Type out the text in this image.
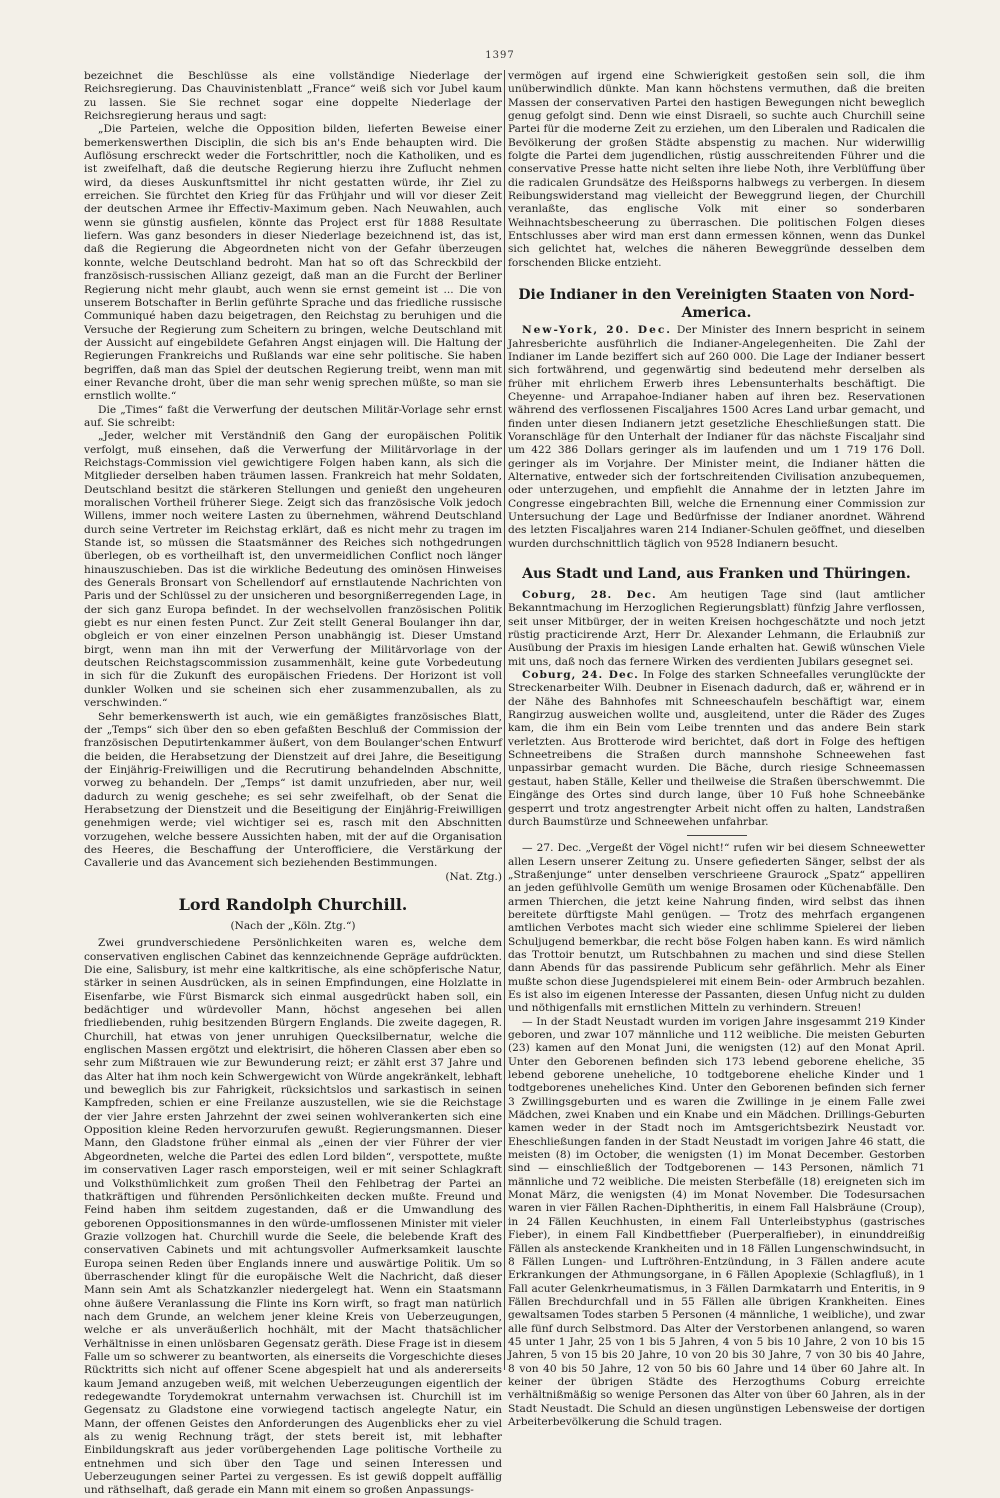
1397

bezeichnet die Beschlüsse als eine vollständige Niederlage der Reichsregierung. Das Chauvinistenblatt „France“ weiß sich vor Jubel kaum zu lassen. Sie Sie rechnet sogar eine doppelte Niederlage der Reichsregierung heraus und sagt:

„Die Parteien, welche die Opposition bilden, lieferten Beweise einer bemerkenswerthen Disciplin, die sich bis an's Ende behaupten wird. Die Auflösung erschreckt weder die Fortschrittler, noch die Katholiken, und es ist zweifelhaft, daß die deutsche Regierung hierzu ihre Zuflucht nehmen wird, da dieses Auskunftsmittel ihr nicht gestatten würde, ihr Ziel zu erreichen. Sie fürchtet den Krieg für das Frühjahr und will vor dieser Zeit der deutschen Armee ihr Effectiv-Maximum geben. Nach Neuwahlen, auch wenn sie günstig ausfielen, könnte das Project erst für 1888 Resultate liefern. Was ganz besonders in dieser Niederlage bezeichnend ist, das ist, daß die Regierung die Abgeordneten nicht von der Gefahr überzeugen konnte, welche Deutschland bedroht. Man hat so oft das Schreckbild der französisch-russischen Allianz gezeigt, daß man an die Furcht der Berliner Regierung nicht mehr glaubt, auch wenn sie ernst gemeint ist ... Die von unserem Botschafter in Berlin geführte Sprache und das friedliche russische Communiqué haben dazu beigetragen, den Reichstag zu beruhigen und die Versuche der Regierung zum Scheitern zu bringen, welche Deutschland mit der Aussicht auf eingebildete Gefahren Angst einjagen will. Die Haltung der Regierungen Frankreichs und Rußlands war eine sehr politische. Sie haben begriffen, daß man das Spiel der deutschen Regierung treibt, wenn man mit einer Revanche droht, über die man sehr wenig sprechen müßte, so man sie ernstlich wollte.“

Die „Times“ faßt die Verwerfung der deutschen Militär-Vorlage sehr ernst auf. Sie schreibt:

„Jeder, welcher mit Verständniß den Gang der europäischen Politik verfolgt, muß einsehen, daß die Verwerfung der Militärvorlage in der Reichstags-Commission viel gewichtigere Folgen haben kann, als sich die Mitglieder derselben haben träumen lassen. Frankreich hat mehr Soldaten, Deutschland besitzt die stärkeren Stellungen und genießt den ungeheuren moralischen Vortheil früherer Siege. Zeigt sich das französische Volk jedoch Willens, immer noch weitere Lasten zu übernehmen, während Deutschland durch seine Vertreter im Reichstag erklärt, daß es nicht mehr zu tragen im Stande ist, so müssen die Staatsmänner des Reiches sich nothgedrungen überlegen, ob es vortheilhaft ist, den unvermeidlichen Conflict noch länger hinauszuschieben. Das ist die wirkliche Bedeutung des ominösen Hinweises des Generals Bronsart von Schellendorf auf ernstlautende Nachrichten von Paris und der Schlüssel zu der unsicheren und besorgnißerregenden Lage, in der sich ganz Europa befindet. In der wechselvollen französischen Politik giebt es nur einen festen Punct. Zur Zeit stellt General Boulanger ihn dar, obgleich er von einer einzelnen Person unabhängig ist. Dieser Umstand birgt, wenn man ihn mit der Verwerfung der Militärvorlage von der deutschen Reichstagscommission zusammenhält, keine gute Vorbedeutung in sich für die Zukunft des europäischen Friedens. Der Horizont ist voll dunkler Wolken und sie scheinen sich eher zusammenzuballen, als zu verschwinden.“

Sehr bemerkenswerth ist auch, wie ein gemäßigtes französisches Blatt, der „Temps“ sich über den so eben gefaßten Beschluß der Commission der französischen Deputirtenkammer äußert, von dem Boulanger'schen Entwurf die beiden, die Herabsetzung der Dienstzeit auf drei Jahre, die Beseitigung der Einjährig-Freiwilligen und die Recrutirung behandelnden Abschnitte, vorweg zu behandeln. Der „Temps“ ist damit unzufrieden, aber nur, weil dadurch zu wenig geschehe; es sei sehr zweifelhaft, ob der Senat die Herabsetzung der Dienstzeit und die Beseitigung der Einjährig-Freiwilligen genehmigen werde; viel wichtiger sei es, rasch mit den Abschnitten vorzugehen, welche bessere Aussichten haben, mit der auf die Organisation des Heeres, die Beschaffung der Unterofficiere, die Verstärkung der Cavallerie und das Avancement sich beziehenden Bestimmungen.

(Nat. Ztg.)
Lord Randolph Churchill.
(Nach der „Köln. Ztg.“)

Zwei grundverschiedene Persönlichkeiten waren es, welche dem conservativen englischen Cabinet das kennzeichnende Gepräge aufdrückten. Die eine, Salisbury, ist mehr eine kaltkritische, als eine schöpferische Natur, stärker in seinen Ausdrücken, als in seinen Empfindungen, eine Holzlatte in Eisenfarbe, wie Fürst Bismarck sich einmal ausgedrückt haben soll, ein bedächtiger und würdevoller Mann, höchst angesehen bei allen friedliebenden, ruhig besitzenden Bürgern Englands. Die zweite dagegen, R. Churchill, hat etwas von jener unruhigen Quecksilbernatur, welche die englischen Massen ergötzt und elektrisirt, die höheren Classen aber eben so sehr zum Mißtrauen wie zur Bewunderung reizt; er zählt erst 37 Jahre und das Alter hat ihm noch kein Schwergewicht von Würde angekränkelt, lebhaft und beweglich bis zur Fahrigkeit, rücksichtslos und sarkastisch in seinen Kampfreden, schien er eine Freilanze auszustellen, wie sie die Reichstage der vier Jahre ersten Jahrzehnt der zwei seinen wohlverankerten sich eine Opposition kleine Reden hervorzurufen gewußt. Regierungsmannen. Dieser Mann, den Gladstone früher einmal als „einen der vier Führer der vier Abgeordneten, welche die Partei des edlen Lord bilden“, verspottete, mußte im conservativen Lager rasch emporsteigen, weil er mit seiner Schlagkraft und Volksthümlichkeit zum großen Theil den Fehlbetrag der Partei an thatkräftigen und führenden Persönlichkeiten decken mußte. Freund und Feind haben ihm seitdem zugestanden, daß er die Umwandlung des geborenen Oppositionsmannes in den würde-umflossenen Minister mit vieler Grazie vollzogen hat. Churchill wurde die Seele, die belebende Kraft des conservativen Cabinets und mit achtungsvoller Aufmerksamkeit lauschte Europa seinen Reden über Englands innere und auswärtige Politik. Um so überraschender klingt für die europäische Welt die Nachricht, daß dieser Mann sein Amt als Schatzkanzler niedergelegt hat. Wenn ein Staatsmann ohne äußere Veranlassung die Flinte ins Korn wirft, so fragt man natürlich nach dem Grunde, an welchem jener kleine Kreis von Ueberzeugungen, welche er als unveräußerlich hochhält, mit der Macht thatsächlicher Verhältnisse in einen unlösbaren Gegensatz geräth. Diese Frage ist in diesem Falle um so schwerer zu beantworten, als einerseits die Vorgeschichte dieses Rücktritts sich nicht auf offener Scene abgespielt hat und als andererseits kaum Jemand anzugeben weiß, mit welchen Ueberzeugungen eigentlich der redegewandte Torydemokrat unternahm verwachsen ist. Churchill ist im Gegensatz zu Gladstone eine vorwiegend tactisch angelegte Natur, ein Mann, der offenen Geistes den Anforderungen des Augenblicks eher zu viel als zu wenig Rechnung trägt, der stets bereit ist, mit lebhafter Einbildungskraft aus jeder vorübergehenden Lage politische Vortheile zu entnehmen und sich über den Tage und seinen Interessen und Ueberzeugungen seiner Partei zu vergessen. Es ist gewiß doppelt auffällig und räthselhaft, daß gerade ein Mann mit einem so großen Anpassungs-

vermögen auf irgend eine Schwierigkeit gestoßen sein soll, die ihm unüberwindlich dünkte. Man kann höchstens vermuthen, daß die breiten Massen der conservativen Partei den hastigen Bewegungen nicht beweglich genug gefolgt sind. Denn wie einst Disraeli, so suchte auch Churchill seine Partei für die moderne Zeit zu erziehen, um den Liberalen und Radicalen die Bevölkerung der großen Städte abspenstig zu machen. Nur widerwillig folgte die Partei dem jugendlichen, rüstig ausschreitenden Führer und die conservative Presse hatte nicht selten ihre liebe Noth, ihre Verblüffung über die radicalen Grundsätze des Heißsporns halbwegs zu verbergen. In diesem Reibungswiderstand mag vielleicht der Beweggrund liegen, der Churchill veranlaßte, das englische Volk mit einer so sonderbaren Weihnachtsbescheerung zu überraschen. Die politischen Folgen dieses Entschlusses aber wird man erst dann ermessen können, wenn das Dunkel sich gelichtet hat, welches die näheren Beweggründe desselben dem forschenden Blicke entzieht.

Die Indianer in den Vereinigten Staaten von Nord-America.

New-York, 20. Dec. Der Minister des Innern bespricht in seinem Jahresberichte ausführlich die Indianer-Angelegenheiten. Die Zahl der Indianer im Lande beziffert sich auf 260 000. Die Lage der Indianer bessert sich fortwährend, und gegenwärtig sind bedeutend mehr derselben als früher mit ehrlichem Erwerb ihres Lebensunterhalts beschäftigt. Die Cheyenne- und Arrapahoe-Indianer haben auf ihren bez. Reservationen während des verflossenen Fiscaljahres 1500 Acres Land urbar gemacht, und finden unter diesen Indianern jetzt gesetzliche Eheschließungen statt. Die Voranschläge für den Unterhalt der Indianer für das nächste Fiscaljahr sind um 422 386 Dollars geringer als im laufenden und um 1 719 176 Doll. geringer als im Vorjahre. Der Minister meint, die Indianer hätten die Alternative, entweder sich der fortschreitenden Civilisation anzubequemen, oder unterzugehen, und empfiehlt die Annahme der in letzten Jahre im Congresse eingebrachten Bill, welche die Ernennung einer Commission zur Untersuchung der Lage und Bedürfnisse der Indianer anordnet. Während des letzten Fiscaljahres waren 214 Indianer-Schulen geöffnet, und dieselben wurden durchschnittlich täglich von 9528 Indianern besucht.

Aus Stadt und Land, aus Franken und Thüringen.

Coburg, 28. Dec. Am heutigen Tage sind (laut amtlicher Bekanntmachung im Herzoglichen Regierungsblatt) fünfzig Jahre verflossen, seit unser Mitbürger, der in weiten Kreisen hochgeschätzte und noch jetzt rüstig practicirende Arzt, Herr Dr. Alexander Lehmann, die Erlaubniß zur Ausübung der Praxis im hiesigen Lande erhalten hat. Gewiß wünschen Viele mit uns, daß noch das fernere Wirken des verdienten Jubilars gesegnet sei.

Coburg, 24. Dec. In Folge des starken Schneefalles verunglückte der Streckenarbeiter Wilh. Deubner in Eisenach dadurch, daß er, während er in der Nähe des Bahnhofes mit Schneeschaufeln beschäftigt war, einem Rangirzug ausweichen wollte und, ausgleitend, unter die Räder des Zuges kam, die ihm ein Bein vom Leibe trennten und das andere Bein stark verletzten. Aus Brotterode wird berichtet, daß dort in Folge des heftigen Schneetreibens die Straßen durch mannshohe Schneewehen fast unpassirbar gemacht wurden. Die Bäche, durch riesige Schneemassen gestaut, haben Ställe, Keller und theilweise die Straßen überschwemmt. Die Eingänge des Ortes sind durch lange, über 10 Fuß hohe Schneebänke gesperrt und trotz angestrengter Arbeit nicht offen zu halten, Landstraßen durch Baumstürze und Schneewehen unfahrbar.

— 27. Dec. „Vergeßt der Vögel nicht!“ rufen wir bei diesem Schneewetter allen Lesern unserer Zeitung zu. Unsere gefiederten Sänger, selbst der als „Straßenjunge“ unter denselben verschrieene Graurock „Spatz“ appelliren an jeden gefühlvolle Gemüth um wenige Brosamen oder Küchenabfälle. Den armen Thierchen, die jetzt keine Nahrung finden, wird selbst das ihnen bereitete dürftigste Mahl genügen. — Trotz des mehrfach ergangenen amtlichen Verbotes macht sich wieder eine schlimme Spielerei der lieben Schuljugend bemerkbar, die recht böse Folgen haben kann. Es wird nämlich das Trottoir benutzt, um Rutschbahnen zu machen und sind diese Stellen dann Abends für das passirende Publicum sehr gefährlich. Mehr als Einer mußte schon diese Jugendspielerei mit einem Bein- oder Armbruch bezahlen. Es ist also im eigenen Interesse der Passanten, diesen Unfug nicht zu dulden und nöthigenfalls mit ernstlichen Mitteln zu verhindern. Streuen!

— In der Stadt Neustadt wurden im vorigen Jahre insgesammt 219 Kinder geboren, und zwar 107 männliche und 112 weibliche. Die meisten Geburten (23) kamen auf den Monat Juni, die wenigsten (12) auf den Monat April. Unter den Geborenen befinden sich 173 lebend geborene eheliche, 35 lebend geborene uneheliche, 10 todtgeborene eheliche Kinder und 1 todtgeborenes uneheliches Kind. Unter den Geborenen befinden sich ferner 3 Zwillingsgeburten und es waren die Zwillinge in je einem Falle zwei Mädchen, zwei Knaben und ein Knabe und ein Mädchen. Drillings-Geburten kamen weder in der Stadt noch im Amtsgerichtsbezirk Neustadt vor. Eheschließungen fanden in der Stadt Neustadt im vorigen Jahre 46 statt, die meisten (8) im October, die wenigsten (1) im Monat December. Gestorben sind — einschließlich der Todtgeborenen — 143 Personen, nämlich 71 männliche und 72 weibliche. Die meisten Sterbefälle (18) ereigneten sich im Monat März, die wenigsten (4) im Monat November. Die Todesursachen waren in vier Fällen Rachen-Diphtheritis, in einem Fall Halsbräune (Croup), in 24 Fällen Keuchhusten, in einem Fall Unterleibstyphus (gastrisches Fieber), in einem Fall Kindbettfieber (Puerperalfieber), in einunddreißig Fällen als ansteckende Krankheiten und in 18 Fällen Lungenschwindsucht, in 8 Fällen Lungen- und Luftröhren-Entzündung, in 3 Fällen andere acute Erkrankungen der Athmungsorgane, in 6 Fällen Apoplexie (Schlagfluß), in 1 Fall acuter Gelenkrheumatismus, in 3 Fällen Darmkatarrh und Enteritis, in 9 Fällen Brechdurchfall und in 55 Fällen alle übrigen Krankheiten. Eines gewaltsamen Todes starben 5 Personen (4 männliche, 1 weibliche), und zwar alle fünf durch Selbstmord. Das Alter der Verstorbenen anlangend, so waren 45 unter 1 Jahr, 25 von 1 bis 5 Jahren, 4 von 5 bis 10 Jahre, 2 von 10 bis 15 Jahren, 5 von 15 bis 20 Jahre, 10 von 20 bis 30 Jahre, 7 von 30 bis 40 Jahre, 8 von 40 bis 50 Jahre, 12 von 50 bis 60 Jahre und 14 über 60 Jahre alt. In keiner der übrigen Städte des Herzogthums Coburg erreichte verhältnißmäßig so wenige Personen das Alter von über 60 Jahren, als in der Stadt Neustadt. Die Schuld an diesen ungünstigen Lebensweise der dortigen Arbeiterbevölkerung die Schuld tragen.
